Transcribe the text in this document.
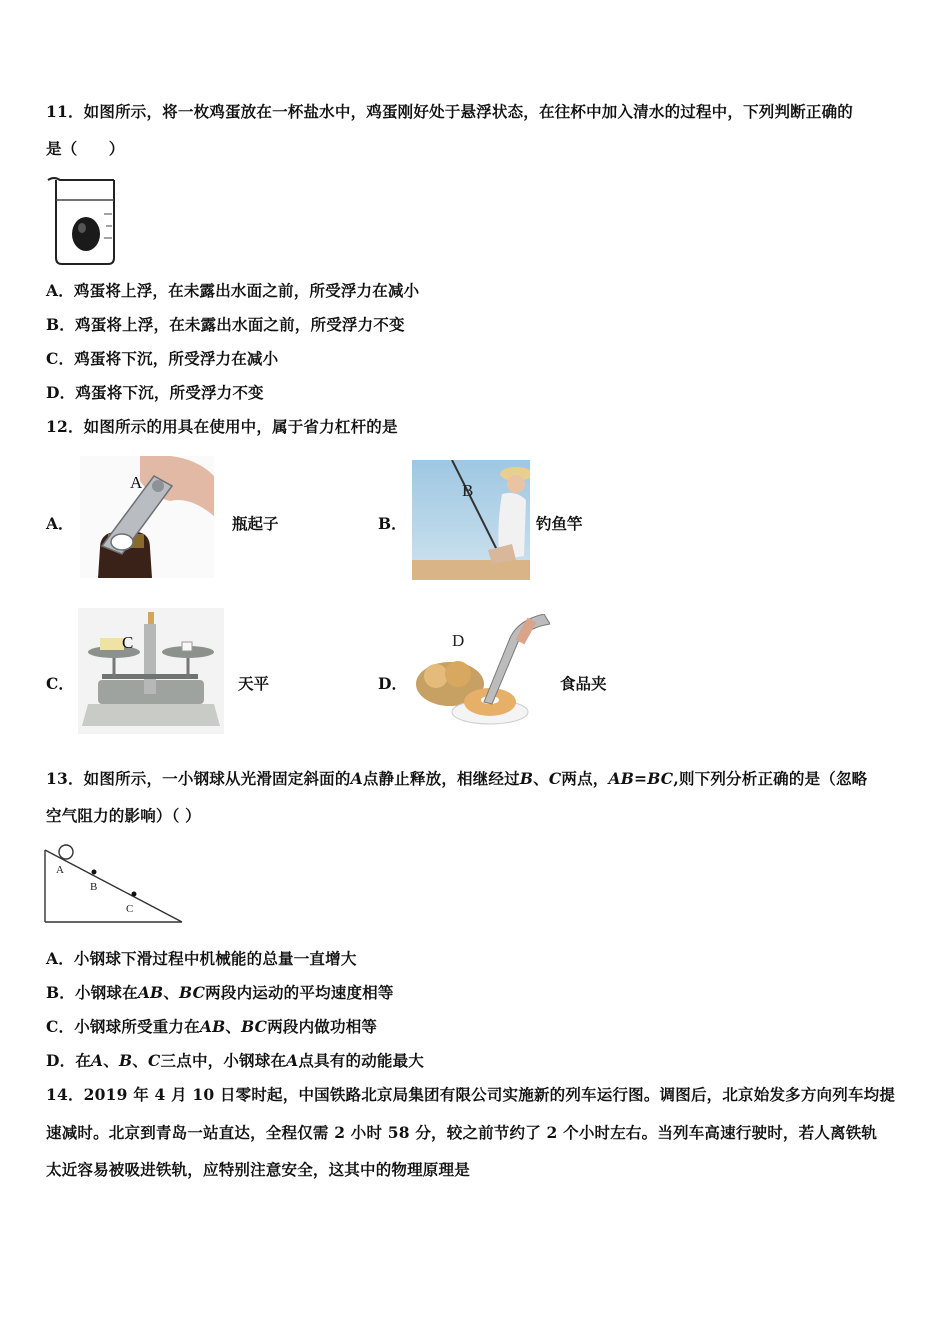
11．如图所示，将一枚鸡蛋放在一杯盐水中，鸡蛋刚好处于悬浮状态，在往杯中加入清水的过程中，下列判断正确的
是（　　）
A．鸡蛋将上浮，在未露出水面之前，所受浮力在减小
B．鸡蛋将上浮，在未露出水面之前，所受浮力不变
C．鸡蛋将下沉，所受浮力在减小
D．鸡蛋将下沉，所受浮力不变
12．如图所示的用具在使用中，属于省力杠杆的是
A．
A
瓶起子	B．
B
钓鱼竿
C．
C
天平	D．
D
食品夹
13．如图所示，一小钢球从光滑固定斜面的A点静止释放，相继经过B、C两点，AB=BC,则下列分析正确的是（忽略
空气阻力的影响）（ ）
A
B
C
A．小钢球下滑过程中机械能的总量一直增大
B．小钢球在AB、BC两段内运动的平均速度相等
C．小钢球所受重力在AB、BC两段内做功相等
D．在A、B、C三点中，小钢球在A点具有的动能最大
14．2019 年 4 月 10 日零时起，中国铁路北京局集团有限公司实施新的列车运行图。调图后，北京始发多方向列车均提
速减时。北京到青岛一站直达，全程仅需 2 小时 58 分，较之前节约了 2 个小时左右。当列车高速行驶时，若人离铁轨
太近容易被吸进铁轨，应特别注意安全，这其中的物理原理是
